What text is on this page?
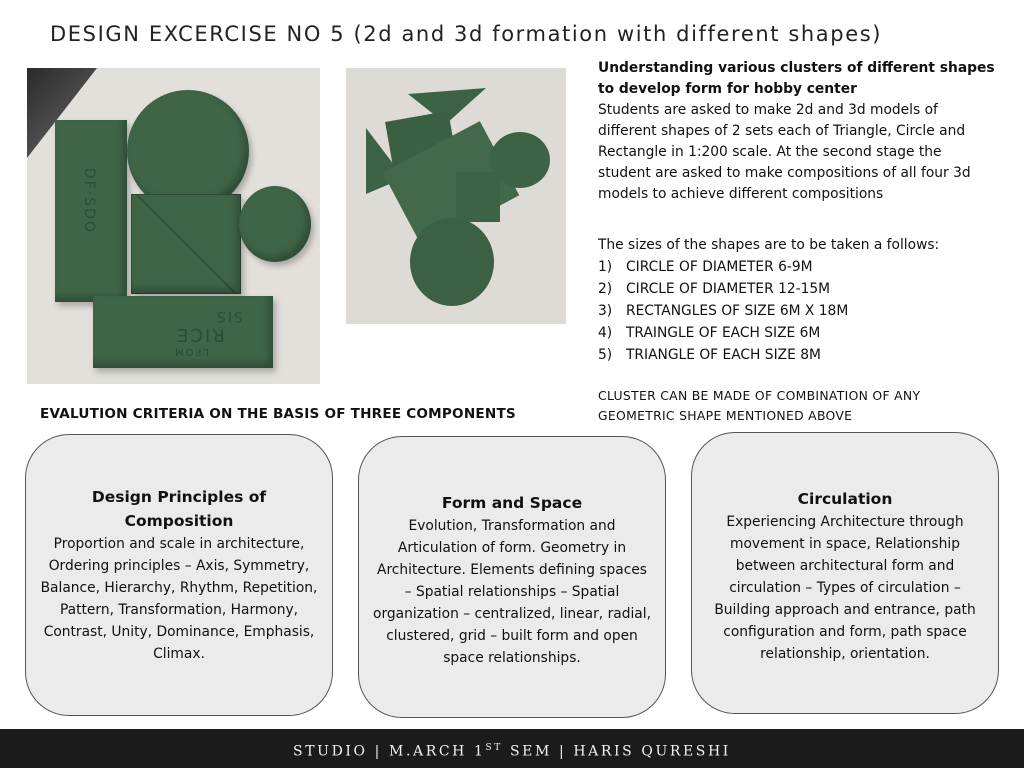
DESIGN EXCERCISE NO 5 (2d and 3d formation with different shapes)
DF·SDO
SIS
RICE
LFOM

Understanding various clusters of different shapes to develop form for hobby center

Students are asked to make 2d and 3d models of different shapes of 2 sets each of Triangle, Circle and Rectangle in 1:200 scale. At the second stage the student are asked to make compositions of all four 3d models to achieve different compositions

The sizes of the shapes are to be taken a follows:
1)	CIRCLE OF DIAMETER 6-9M
2)	CIRCLE OF DIAMETER 12-15M
3)	RECTANGLES OF SIZE 6M X 18M
4)	TRAINGLE OF EACH SIZE 6M
5)	TRIANGLE OF EACH SIZE 8M
CLUSTER CAN BE MADE OF COMBINATION OF ANY GEOMETRIC SHAPE MENTIONED ABOVE
EVALUTION CRITERIA ON THE BASIS OF THREE COMPONENTS
Design Principles of Composition
Proportion and scale in architecture, Ordering principles – Axis, Symmetry, Balance, Hierarchy, Rhythm, Repetition, Pattern, Transformation, Harmony, Contrast, Unity, Dominance, Emphasis, Climax.
Form and Space
Evolution, Transformation and Articulation of form. Geometry in Architecture. Elements defining spaces – Spatial relationships – Spatial organization – centralized, linear, radial, clustered, grid – built form and open space relationships.
Circulation
Experiencing Architecture through movement in space, Relationship between architectural form and circulation – Types of circulation – Building approach and entrance, path configuration and form, path space relationship, orientation.
STUDIO | M.ARCH 1ST SEM | HARIS QURESHI
